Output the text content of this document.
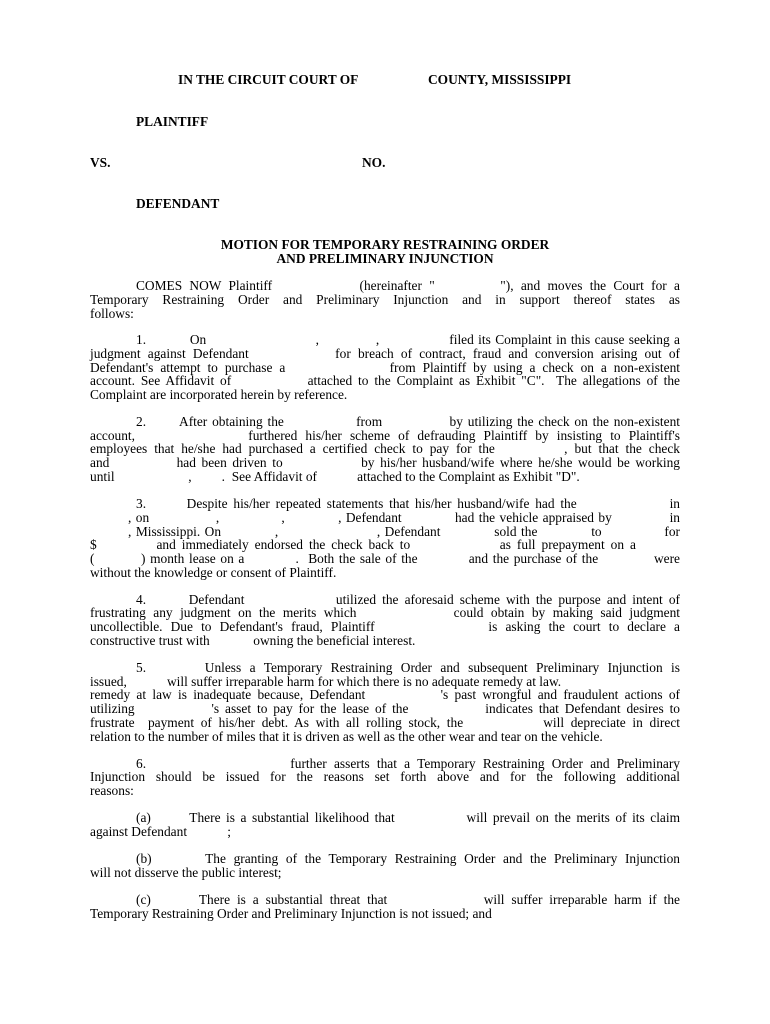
IN THE CIRCUIT COURT OF	COUNTY, MISSISSIPPI
PLAINTIFF
VS.	NO.
DEFENDANT
MOTION FOR TEMPORARY RESTRAINING ORDER
AND PRELIMINARY INJUNCTION
COMES NOW Plaintiff            (hereinafter "         "), and moves the Court for a
Temporary Restraining Order and Preliminary Injunction and in support thereof states as
follows:
1.          On                         ,             ,                filed its Complaint in this cause seeking a
judgment against Defendant            for breach of contract, fraud and conversion arising out of
Defendant's attempt to purchase a               from Plaintiff by using a check on a non-existent
account. See Affidavit of             attached to the Complaint as Exhibit "C".  The allegations of the
Complaint are incorporated herein by reference.
2.       After obtaining the               from              by utilizing the check on the non-existent
account,              furthered his/her scheme of defrauding Plaintiff by insisting to Plaintiff's
employees that he/she had purchased a certified check to pay for the          , but that the check
and            had been driven to              by his/her husband/wife where he/she would be working
until                      ,         .  See Affidavit of            attached to the Complaint as Exhibit "D".
3.       Despite his/her repeated statements that his/her husband/wife had the                in
, on               ,              ,            , Defendant            had the vehicle appraised by             in
, Mississippi. On            ,                      , Defendant            sold the            to              for
$          and immediately endorsed the check back to               as full prepayment on a
(          ) month lease on a           .  Both the sale of the           and the purchase of the            were
without the knowledge or consent of Plaintiff.
4.       Defendant               utilized the aforesaid scheme with the purpose and intent of
frustrating any judgment on the merits which             could obtain by making said judgment
uncollectible. Due to Defendant's fraud, Plaintiff              is asking the court to declare a
constructive trust with             owning the beneficial interest.
5.       Unless a Temporary Restraining Order and subsequent Preliminary Injunction is
issued,            will suffer irreparable harm for which there is no adequate remedy at law.
remedy at law is inadequate because, Defendant            's past wrongful and fraudulent actions of
utilizing             's asset to pay for the lease of the             indicates that Defendant desires to
frustrate  payment of his/her debt. As with all rolling stock, the            will depreciate in direct
relation to the number of miles that it is driven as well as the other wear and tear on the vehicle.
6.                    further asserts that a Temporary Restraining Order and Preliminary
Injunction should be issued for the reasons set forth above and for the following additional
reasons:
(a)       There is a substantial likelihood that             will prevail on the merits of its claim
against Defendant            ;
(b)       The granting of the Temporary Restraining Order and the Preliminary Injunction
will not disserve the public interest;
(c)       There is a substantial threat that              will suffer irreparable harm if the
Temporary Restraining Order and Preliminary Injunction is not issued; and
